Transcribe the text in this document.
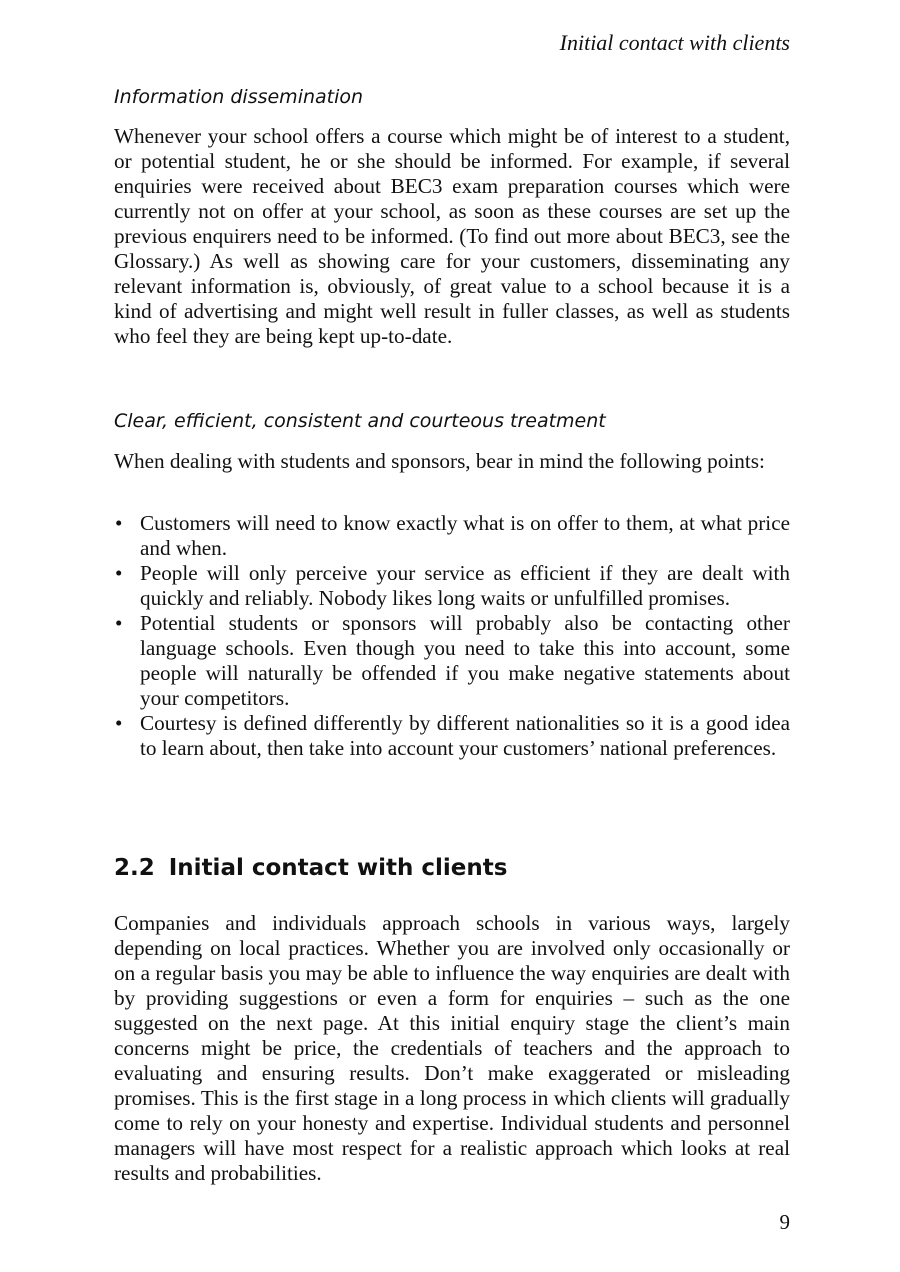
Initial contact with clients
Information dissemination

Whenever your school offers a course which might be of interest to a student, or potential student, he or she should be informed. For example, if several enquiries were received about BEC3 exam preparation courses which were currently not on offer at your school, as soon as these courses are set up the previous enquirers need to be informed. (To find out more about BEC3, see the Glossary.) As well as showing care for your customers, disseminating any relevant information is, obviously, of great value to a school because it is a kind of advertising and might well result in fuller classes, as well as students who feel they are being kept up-to-date.

Clear, efficient, consistent and courteous treatment

When dealing with students and sponsors, bear in mind the following points:

• Customers will need to know exactly what is on offer to them, at what price and when.
• People will only perceive your service as efficient if they are dealt with quickly and reliably. Nobody likes long waits or unfulfilled promises.
• Potential students or sponsors will probably also be contacting other language schools. Even though you need to take this into account, some people will naturally be offended if you make negative statements about your competitors.
• Courtesy is defined differently by different nationalities so it is a good idea to learn about, then take into account your customers’ national preferences.
2.2 Initial contact with clients

Companies and individuals approach schools in various ways, largely depending on local practices. Whether you are involved only occasionally or on a regular basis you may be able to influence the way enquiries are dealt with by providing suggestions or even a form for enquiries – such as the one suggested on the next page. At this initial enquiry stage the client’s main concerns might be price, the credentials of teachers and the approach to evaluating and ensuring results. Don’t make exaggerated or misleading promises. This is the first stage in a long process in which clients will gradually come to rely on your honesty and expertise. Individual students and personnel managers will have most respect for a realistic approach which looks at real results and probabilities.

9
